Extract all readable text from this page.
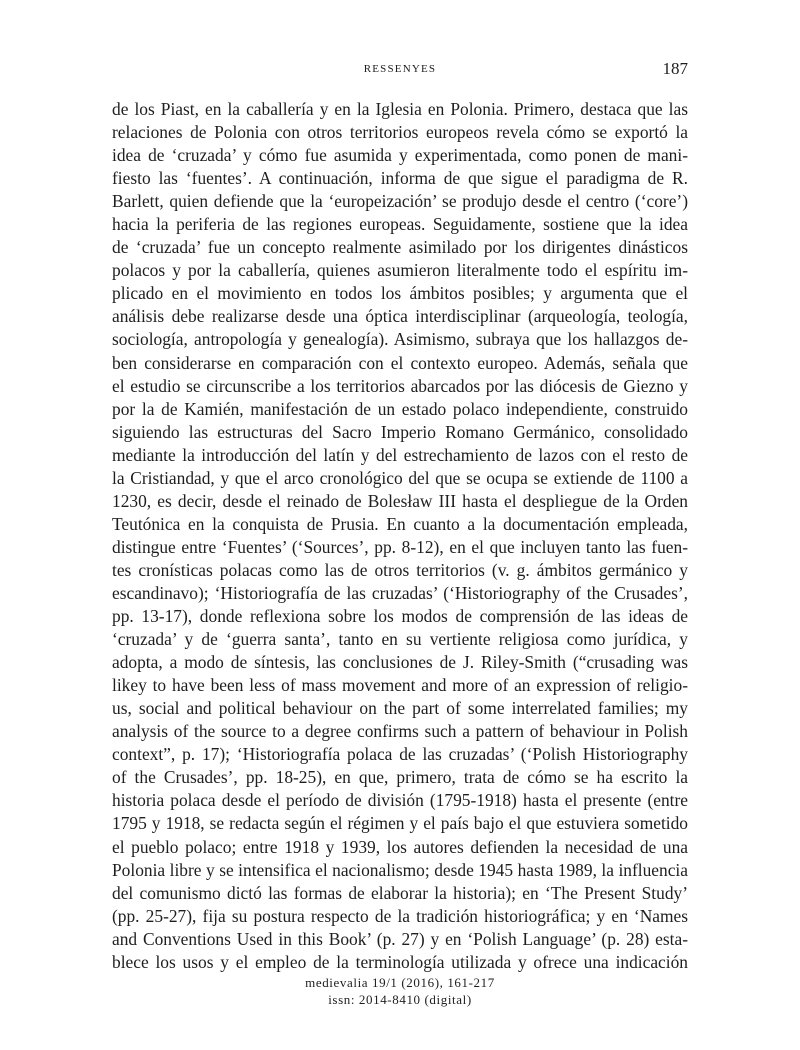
RESSENYES	187
de los Piast, en la caballería y en la Iglesia en Polonia. Primero, destaca que las
relaciones de Polonia con otros territorios europeos revela cómo se exportó la
idea de ‘cruzada’ y cómo fue asumida y experimentada, como ponen de mani-
fiesto las ‘fuentes’. A continuación, informa de que sigue el paradigma de R.
Barlett, quien defiende que la ‘europeización’ se produjo desde el centro (‘core’)
hacia la periferia de las regiones europeas. Seguidamente, sostiene que la idea
de ‘cruzada’ fue un concepto realmente asimilado por los dirigentes dinásticos
polacos y por la caballería, quienes asumieron literalmente todo el espíritu im-
plicado en el movimiento en todos los ámbitos posibles; y argumenta que el
análisis debe realizarse desde una óptica interdisciplinar (arqueología, teología,
sociología, antropología y genealogía). Asimismo, subraya que los hallazgos de-
ben considerarse en comparación con el contexto europeo. Además, señala que
el estudio se circunscribe a los territorios abarcados por las diócesis de Giezno y
por la de Kamién, manifestación de un estado polaco independiente, construido
siguiendo las estructuras del Sacro Imperio Romano Germánico, consolidado
mediante la introducción del latín y del estrechamiento de lazos con el resto de
la Cristiandad, y que el arco cronológico del que se ocupa se extiende de 1100 a
1230, es decir, desde el reinado de Bolesław III hasta el despliegue de la Orden
Teutónica en la conquista de Prusia. En cuanto a la documentación empleada,
distingue entre ‘Fuentes’ (‘Sources’, pp. 8-12), en el que incluyen tanto las fuen-
tes cronísticas polacas como las de otros territorios (v. g. ámbitos germánico y
escandinavo); ‘Historiografía de las cruzadas’ (‘Historiography of the Crusades’,
pp. 13-17), donde reflexiona sobre los modos de comprensión de las ideas de
‘cruzada’ y de ‘guerra santa’, tanto en su vertiente religiosa como jurídica, y
adopta, a modo de síntesis, las conclusiones de J. Riley-Smith (“crusading was
likey to have been less of mass movement and more of an expression of religio-
us, social and political behaviour on the part of some interrelated families; my
analysis of the source to a degree confirms such a pattern of behaviour in Polish
context”, p. 17); ‘Historiografía polaca de las cruzadas’ (‘Polish Historiography
of the Crusades’, pp. 18-25), en que, primero, trata de cómo se ha escrito la
historia polaca desde el período de división (1795-1918) hasta el presente (entre
1795 y 1918, se redacta según el régimen y el país bajo el que estuviera sometido
el pueblo polaco; entre 1918 y 1939, los autores defienden la necesidad de una
Polonia libre y se intensifica el nacionalismo; desde 1945 hasta 1989, la influencia
del comunismo dictó las formas de elaborar la historia); en ‘The Present Study’
(pp. 25-27), fija su postura respecto de la tradición historiográfica; y en ‘Names
and Conventions Used in this Book’ (p. 27) y en ‘Polish Language’ (p. 28) esta-
blece los usos y el empleo de la terminología utilizada y ofrece una indicación
medievalia 19/1 (2016), 161-217
issn: 2014-8410 (digital)
